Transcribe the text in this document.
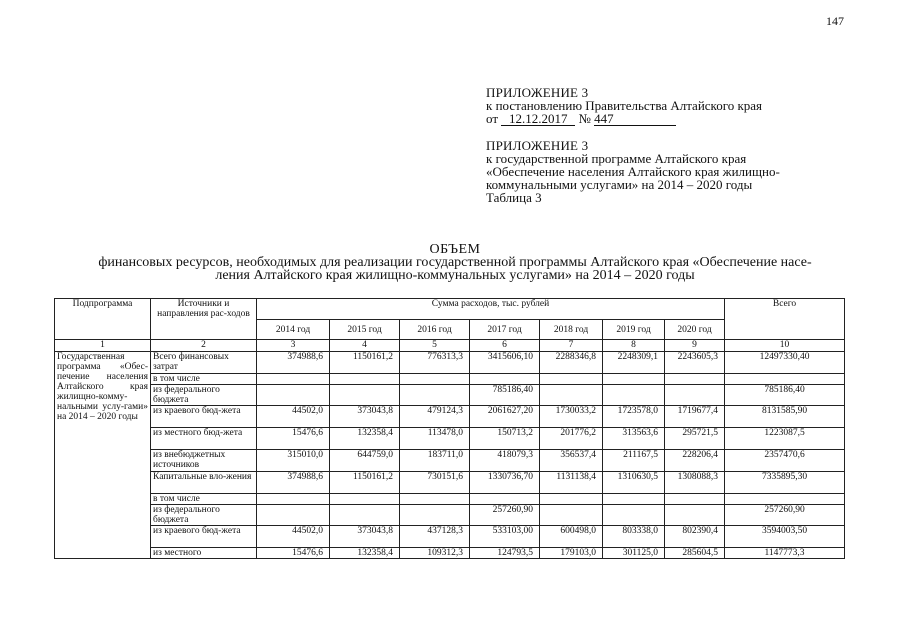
147
ПРИЛОЖЕНИЕ 3
к постановлению Правительства Алтайского края
от 12.12.2017 № 447
ПРИЛОЖЕНИЕ 3
к государственной программе Алтайского края
«Обеспечение населения Алтайского края жилищно-
коммунальными услугами» на 2014 – 2020 годы
Таблица 3
ОБЪЕМ
финансовых ресурсов, необходимых для реализации государственной программы Алтайского края «Обеспечение насе-
ления Алтайского края жилищно-коммунальных услугами» на 2014 – 2020 годы
Подпрограмма	Источники и направления рас-ходов	Сумма расходов, тыс. рублей							Всего
		2014 год	2015 год	2016 год	2017 год	2018 год	2019 год	2020 год	
1	2	3	4	5	6	7	8	9	10
Государственная программа «Обес-печение населения Алтайского края жилищно-комму-нальными услу-гами» на 2014 – 2020 годы	Всего финансовых затрат	374988,6	1150161,2	776313,3	3415606,10	2288346,8	2248309,1	2243605,3	12497330,40
	в том числе								
	из федерального бюджета				785186,40				785186,40
	из краевого бюд-жета	44502,0	373043,8	479124,3	2061627,20	1730033,2	1723578,0	1719677,4	8131585,90
	из местного бюд-жета	15476,6	132358,4	113478,0	150713,2	201776,2	313563,6	295721,5	1223087,5
	из внебюджетных источников	315010,0	644759,0	183711,0	418079,3	356537,4	211167,5	228206,4	2357470,6
	Капитальные вло-жения	374988,6	1150161,2	730151,6	1330736,70	1131138,4	1310630,5	1308088,3	7335895,30
	в том числе								
	из федерального бюджета				257260,90				257260,90
	из краевого бюд-жета	44502,0	373043,8	437128,3	533103,00	600498,0	803338,0	802390,4	3594003,50
	из местного	15476,6	132358,4	109312,3	124793,5	179103,0	301125,0	285604,5	1147773,3
